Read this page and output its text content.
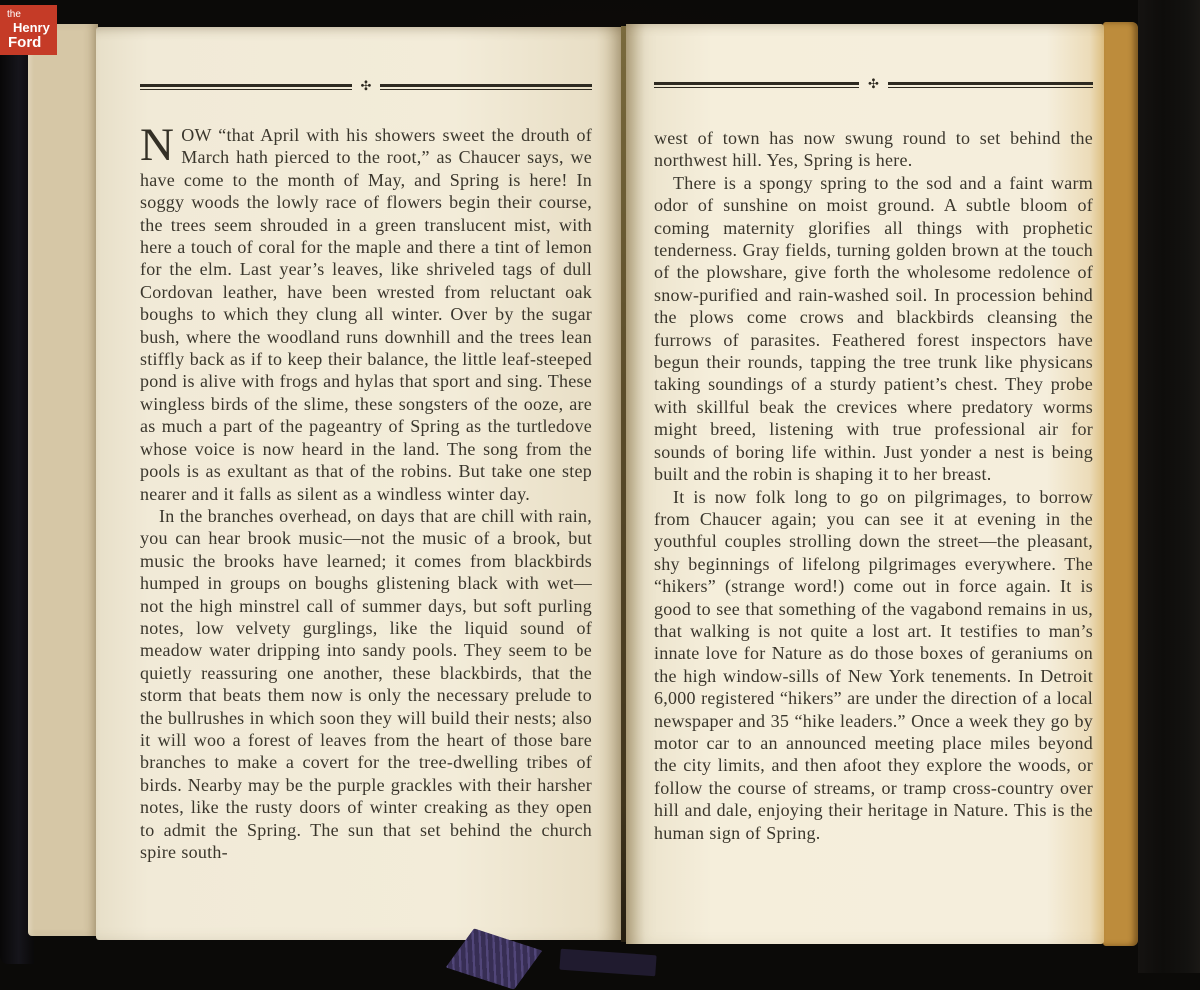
✣

NOW “that April with his showers sweet the drouth of March hath pierced to the root,” as Chaucer says, we have come to the month of May, and Spring is here! In soggy woods the lowly race of flowers begin their course, the trees seem shrouded in a green translucent mist, with here a touch of coral for the maple and there a tint of lemon for the elm. Last year’s leaves, like shriveled tags of dull Cordovan leather, have been wrested from reluctant oak boughs to which they clung all winter. Over by the sugar bush, where the woodland runs downhill and the trees lean stiffly back as if to keep their balance, the little leaf-steeped pond is alive with frogs and hylas that sport and sing. These wingless birds of the slime, these songsters of the ooze, are as much a part of the pageantry of Spring as the turtledove whose voice is now heard in the land. The song from the pools is as exultant as that of the robins. But take one step nearer and it falls as silent as a windless winter day.

In the branches overhead, on days that are chill with rain, you can hear brook music—not the music of a brook, but music the brooks have learned; it comes from blackbirds humped in groups on boughs glistening black with wet—not the high minstrel call of summer days, but soft purling notes, low velvety gurglings, like the liquid sound of meadow water dripping into sandy pools. They seem to be quietly reassuring one another, these blackbirds, that the storm that beats them now is only the necessary prelude to the bullrushes in which soon they will build their nests; also it will woo a forest of leaves from the heart of those bare branches to make a covert for the tree-dwelling tribes of birds. Nearby may be the purple grackles with their harsher notes, like the rusty doors of winter creaking as they open to admit the Spring. The sun that set behind the church spire south-

✣

west of town has now swung round to set behind the northwest hill. Yes, Spring is here.

There is a spongy spring to the sod and a faint warm odor of sunshine on moist ground. A subtle bloom of coming maternity glorifies all things with prophetic tenderness. Gray fields, turning golden brown at the touch of the plowshare, give forth the wholesome redolence of snow-purified and rain-washed soil. In procession behind the plows come crows and blackbirds cleansing the furrows of parasites. Feathered forest inspectors have begun their rounds, tapping the tree trunk like physicans taking soundings of a sturdy patient’s chest. They probe with skillful beak the crevices where predatory worms might breed, listening with true professional air for sounds of boring life within. Just yonder a nest is being built and the robin is shaping it to her breast.

It is now folk long to go on pilgrimages, to borrow from Chaucer again; you can see it at evening in the youthful couples strolling down the street—the pleasant, shy beginnings of lifelong pilgrimages everywhere. The “hikers” (strange word!) come out in force again. It is good to see that something of the vagabond remains in us, that walking is not quite a lost art. It testifies to man’s innate love for Nature as do those boxes of geraniums on the high window-sills of New York tenements. In Detroit 6,000 registered “hikers” are under the direction of a local newspaper and 35 “hike leaders.” Once a week they go by motor car to an announced meeting place miles beyond the city limits, and then afoot they explore the woods, or follow the course of streams, or tramp cross-country over hill and dale, enjoying their heritage in Nature. This is the human sign of Spring.

the
Henry
Ford
